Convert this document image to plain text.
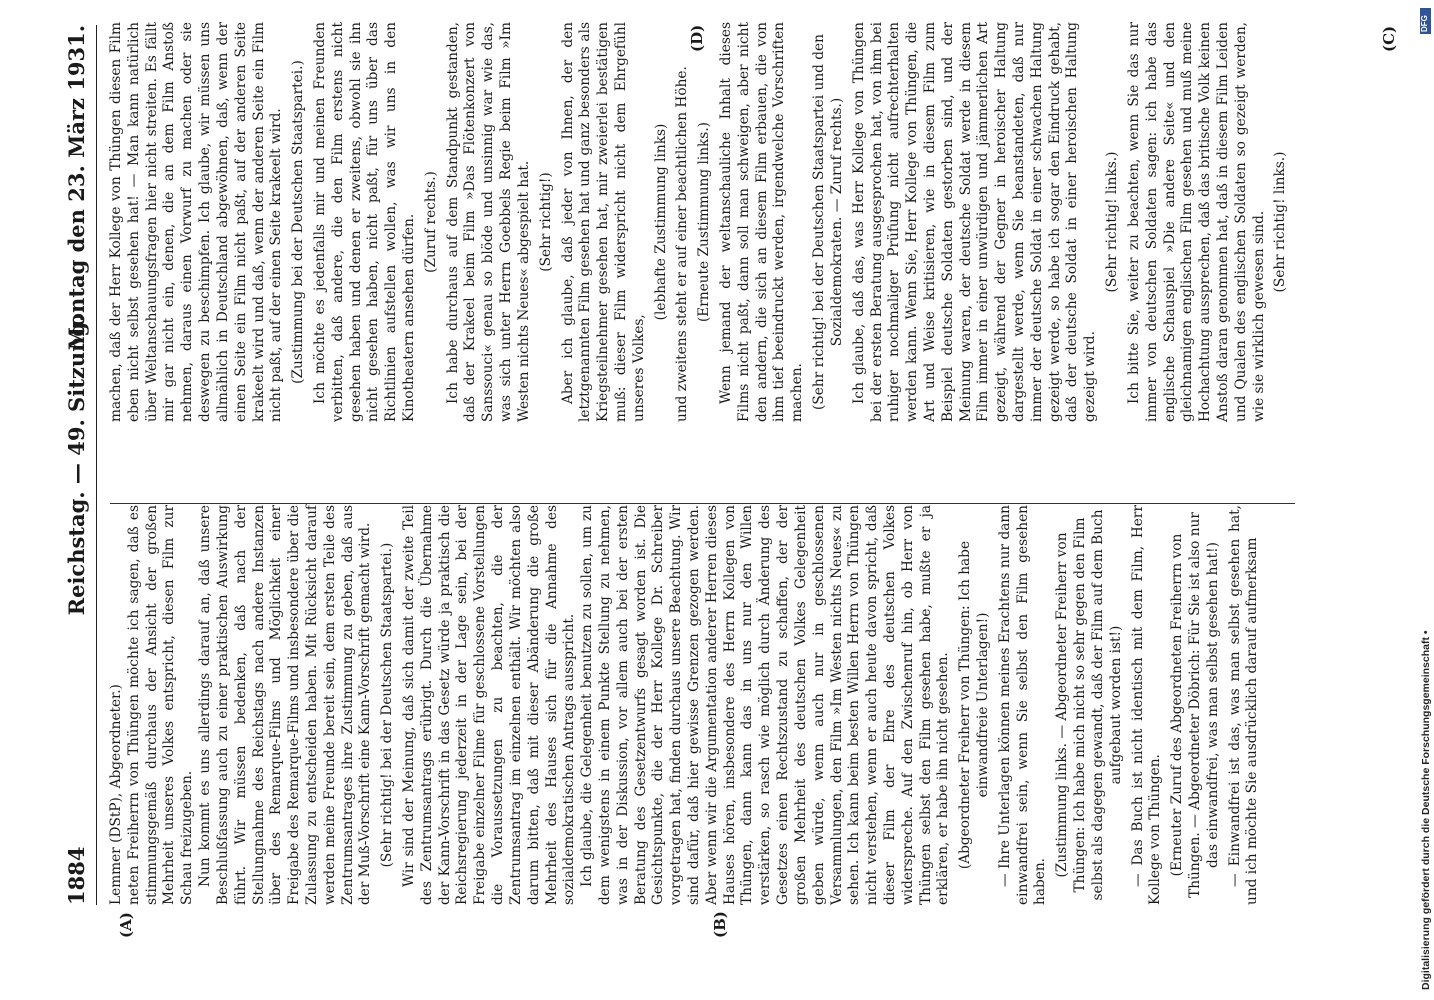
1884
Reichstag. — 49. Sitzung.
Montag den 23. März 1931.
(A)	(B)
(C)
(D)

Lemmer (DStP), Abgeordneter.) neten Freiherrn von Thüngen möchte ich sagen, daß es stimmungsgemäß durchaus der Ansicht der großen Mehrheit unseres Volkes entspricht, diesen Film zur Schau freizugeben. Nun kommt es uns allerdings darauf an, daß unsere Beschlußfassung auch zu einer praktischen Auswirkung führt. Wir müssen bedenken, daß nach der Stellungnahme des Reichstags nach andere Instanzen über des Remarque-Films und Möglichkeit einer Freigabe des Remarque-Films und insbesondere über die Zulassung zu entscheiden haben. Mit Rücksicht darauf werden meine Freunde bereit sein, dem ersten Teile des Zentrumsantrages ihre Zustimmung zu geben, daß aus der Muß-Vorschrift eine Kann-Vorschrift gemacht wird. (Sehr richtig! bei der Deutschen Staatspartei.) Wir sind der Meinung, daß sich damit der zweite Teil des Zentrumsantrags erübrigt. Durch die Übernahme der Kann-Vorschrift in das Gesetz würde ja praktisch die Reichsregierung jederzeit in der Lage sein, bei der Freigabe einzelner Filme für geschlossene Vorstellungen die Voraussetzungen zu beachten, die der Zentrumsantrag im einzelnen enthält. Wir möchten also darum bitten, daß mit dieser Abänderung die große Mehrheit des Hauses sich für die Annahme des sozialdemokratischen Antrags ausspricht. Ich glaube, die Gelegenheit benutzen zu sollen, um zu dem wenigstens in einem Punkte Stellung zu nehmen, was in der Diskussion, vor allem auch bei der ersten Beratung des Gesetzentwurfs gesagt worden ist. Die Gesichtspunkte, die der Herr Kollege Dr. Schreiber vorgetragen hat, finden durchaus unsere Beachtung. Wir sind dafür, daß hier gewisse Grenzen gezogen werden. Aber wenn wir die Argumentation anderer Herren dieses Hauses hören, insbesondere des Herrn Kollegen von Thüngen, dann kann das in uns nur den Willen verstärken, so rasch wie möglich durch Änderung des Gesetzes einen Rechtszustand zu schaffen, der der großen Mehrheit des deutschen Volkes Gelegenheit geben würde, wenn auch nur in geschlossenen Versammlungen, den Film »Im Westen nichts Neues« zu sehen. Ich kann beim besten Willen Herrn von Thüngen nicht verstehen, wenn er auch heute davon spricht, daß dieser Film der Ehre des deutschen Volkes widerspreche. Auf den Zwischenruf hin, ob Herr von Thüngen selbst den Film gesehen habe, mußte er ja erklären, er habe ihn nicht gesehen. (Abgeordneter Freiherr von Thüngen: Ich habe einwandfreie Unterlagen!) — Ihre Unterlagen können meines Erachtens nur dann einwandfrei sein, wenn Sie selbst den Film gesehen haben.

(Zustimmung links. — Abgeordneter Freiherr von Thüngen: Ich habe mich nicht so sehr gegen den Film selbst als dagegen gewandt, daß der Film auf dem Buch aufgebaut worden ist!) — Das Buch ist nicht identisch mit dem Film, Herr Kollege von Thüngen. (Erneuter Zuruf des Abgeordneten Freiherrn von Thüngen. — Abgeordneter Döbrich: Für Sie ist also nur das einwandfrei, was man selbst gesehen hat!) — Einwandfrei ist das, was man selbst gesehen hat, und ich möchte Sie ausdrücklich darauf aufmerksam

machen, daß der Herr Kollege von Thüngen diesen Film eben nicht selbst gesehen hat! — Man kann natürlich über Weltanschauungsfragen hier nicht streiten. Es fällt mir gar nicht ein, denen, die an dem Film Anstoß nehmen, daraus einen Vorwurf zu machen oder sie deswegen zu beschimpfen. Ich glaube, wir müssen uns allmählich in Deutschland abgewöhnen, daß, wenn der einen Seite ein Film nicht paßt, auf der anderen Seite krakeelt wird und daß, wenn der anderen Seite ein Film nicht paßt, auf der einen Seite krakeelt wird. (Zustimmung bei der Deutschen Staatspartei.) Ich möchte es jedenfalls mir und meinen Freunden verbitten, daß andere, die den Film erstens nicht gesehen haben und denen er zweitens, obwohl sie ihn nicht gesehen haben, nicht paßt, für uns über das Richtlinien aufstellen wollen, was wir uns in den Kinotheatern ansehen dürfen. (Zuruf rechts.) Ich habe durchaus auf dem Standpunkt gestanden, daß der Krakeel beim Film »Das Flötenkonzert von Sanssouci« genau so blöde und unsinnig war wie das, was sich unter Herrn Goebbels Regie beim Film »Im Westen nichts Neues« abgespielt hat. (Sehr richtig!) Aber ich glaube, daß jeder von Ihnen, der den letztgenannten Film gesehen hat und ganz besonders als Kriegsteilnehmer gesehen hat, mir zweierlei bestätigen muß: dieser Film widerspricht nicht dem Ehrgefühl unseres Volkes,

(lebhafte Zustimmung links) und zweitens steht er auf einer beachtlichen Höhe. (Erneute Zustimmung links.) Wenn jemand der weltanschauliche Inhalt dieses Films nicht paßt, dann soll man schweigen, aber nicht den andern, die sich an diesem Film erbauen, die von ihm tief beeindruckt werden, irgendwelche Vorschriften machen. (Sehr richtig! bei der Deutschen Staatspartei und den Sozialdemokraten. — Zuruf rechts.) Ich glaube, daß das, was Herr Kollege von Thüngen bei der ersten Beratung ausgesprochen hat, von ihm bei ruhiger nochmaliger Prüfung nicht aufrechterhalten werden kann. Wenn Sie, Herr Kollege von Thüngen, die Art und Weise kritisieren, wie in diesem Film zum Beispiel deutsche Soldaten gestorben sind, und der Meinung waren, der deutsche Soldat werde in diesem Film immer in einer unwürdigen und jämmerlichen Art gezeigt, während der Gegner in heroischer Haltung dargestellt werde, wenn Sie beanstandeten, daß nur immer der deutsche Soldat in einer schwachen Haltung gezeigt werde, so habe ich sogar den Eindruck gehabt, daß der deutsche Soldat in einer heroischen Haltung gezeigt wird.

(Sehr richtig! links.) Ich bitte Sie, weiter zu beachten, wenn Sie das nur immer von deutschen Soldaten sagen: ich habe das englische Schauspiel »Die andere Seite« und den gleichnamigen englischen Film gesehen und muß meine Hochachtung aussprechen, daß das britische Volk keinen Anstoß daran genommen hat, daß in diesem Film Leiden und Qualen des englischen Soldaten so gezeigt werden, wie sie wirklich gewesen sind. (Sehr richtig! links.)

DFG
Digitalisierung gefördert durch die Deutsche Forschungsgemeinschaft •
